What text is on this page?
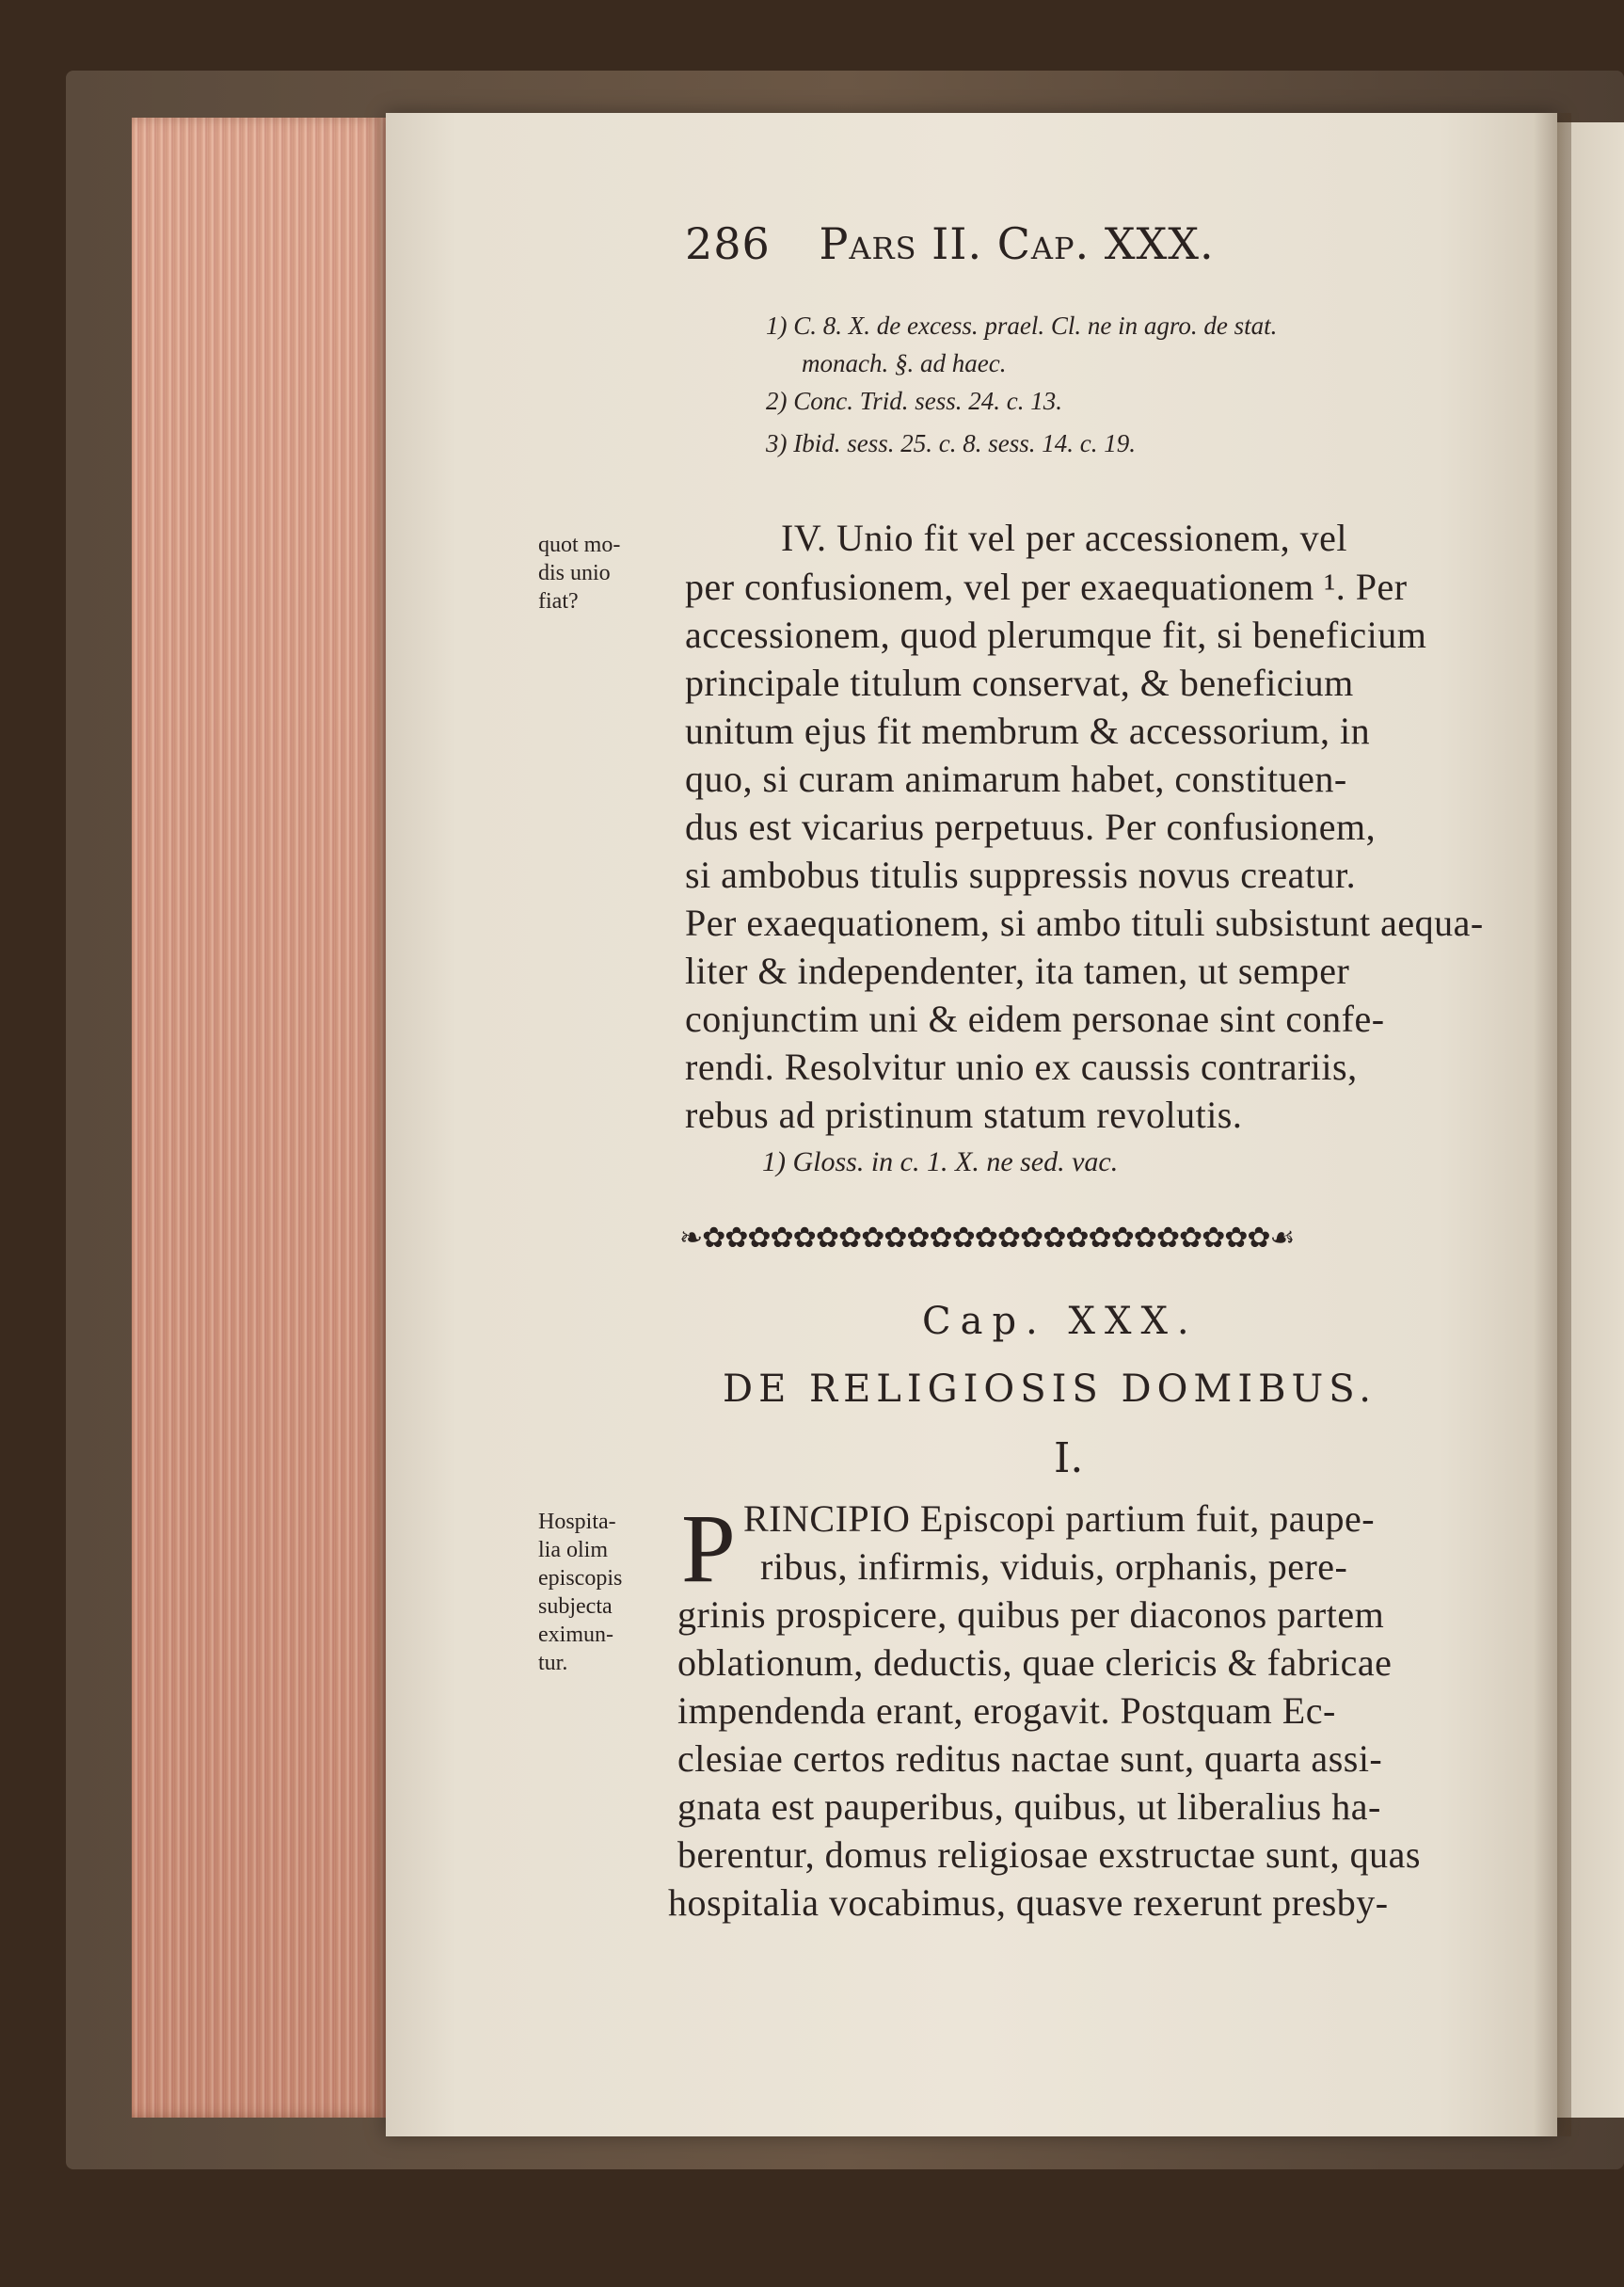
286 Pars II. Cap. XXX.
1) C. 8. X. de excess. prael. Cl. ne in agro. de stat.
monach. §. ad haec.
2) Conc. Trid. sess. 24. c. 13.
3) Ibid. sess. 25. c. 8. sess. 14. c. 19.
quot mo-
dis unio
fiat?
IV. Unio fit vel per accessionem, vel
per confusionem, vel per exaequationem ¹. Per
accessionem, quod plerumque fit, si beneficium
principale titulum conservat, & beneficium
unitum ejus fit membrum & accessorium, in
quo, si curam animarum habet, constituen-
dus est vicarius perpetuus. Per confusionem,
si ambobus titulis suppressis novus creatur.
Per exaequationem, si ambo tituli subsistunt aequa-
liter & independenter, ita tamen, ut semper
conjunctim uni & eidem personae sint confe-
rendi. Resolvitur unio ex caussis contrariis,
rebus ad pristinum statum revolutis.
1) Gloss. in c. 1. X. ne sed. vac.
❧✿✿✿✿✿✿✿✿✿✿✿✿✿✿✿✿✿✿✿✿✿✿✿✿✿☙
Cap. XXX.
DE RELIGIOSIS DOMIBUS.
I.
Hospita-
lia olim
episcopis
subjecta
eximun-
tur.
P RINCIPIO Episcopi partium fuit, paupe-
ribus, infirmis, viduis, orphanis, pere-
grinis prospicere, quibus per diaconos partem
oblationum, deductis, quae clericis & fabricae
impendenda erant, erogavit. Postquam Ec-
clesiae certos reditus nactae sunt, quarta assi-
gnata est pauperibus, quibus, ut liberalius ha-
berentur, domus religiosae exstructae sunt, quas
hospitalia vocabimus, quasve rexerunt presby-
